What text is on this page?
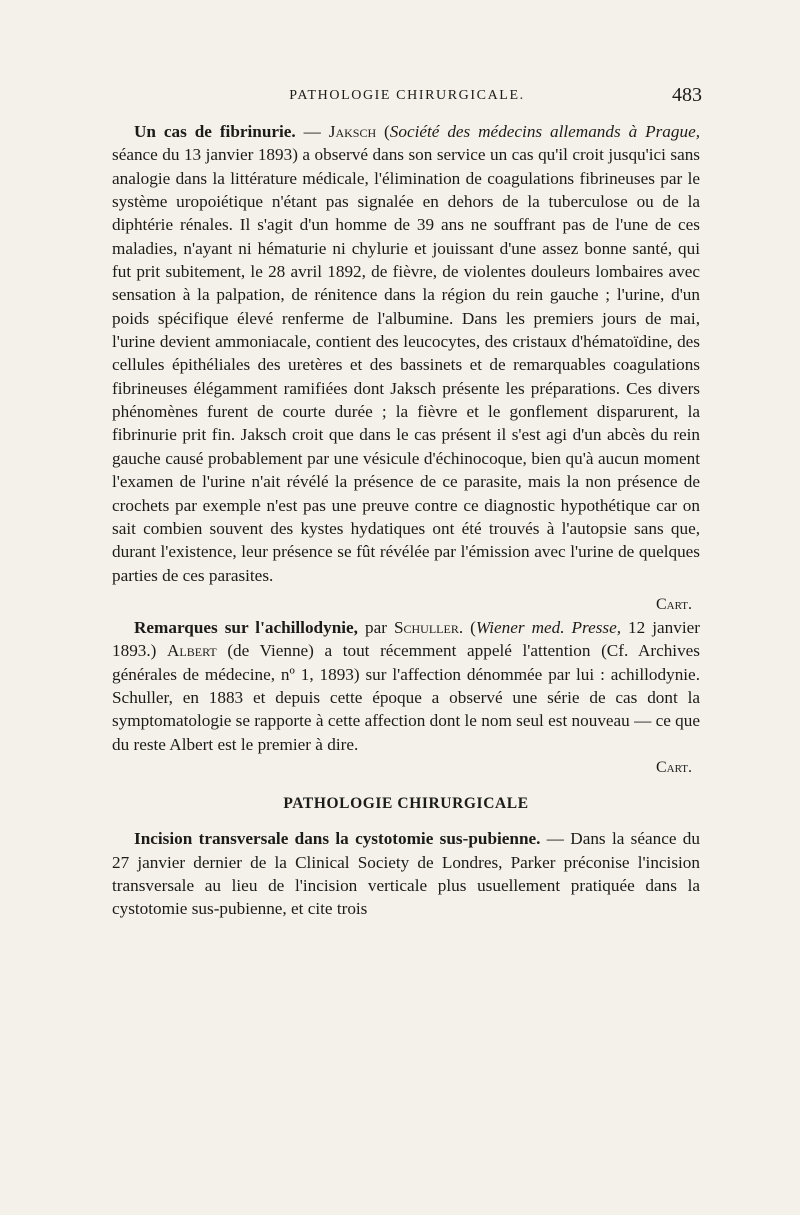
PATHOLOGIE CHIRURGICALE.	483

Un cas de fibrinurie. — Jaksch (Société des médecins allemands à Prague, séance du 13 janvier 1893) a observé dans son service un cas qu'il croit jusqu'ici sans analogie dans la littérature médicale, l'élimination de coagulations fibrineuses par le système uropoiétique n'étant pas signalée en dehors de la tuberculose ou de la diphtérie rénales. Il s'agit d'un homme de 39 ans ne souffrant pas de l'une de ces maladies, n'ayant ni hématurie ni chylurie et jouissant d'une assez bonne santé, qui fut prit subitement, le 28 avril 1892, de fièvre, de violentes douleurs lombaires avec sensation à la palpation, de rénitence dans la région du rein gauche ; l'urine, d'un poids spécifique élevé renferme de l'albumine. Dans les premiers jours de mai, l'urine devient ammoniacale, contient des leucocytes, des cristaux d'hématoïdine, des cellules épithéliales des uretères et des bassinets et de remarquables coagulations fibrineuses élégamment ramifiées dont Jaksch présente les préparations. Ces divers phénomènes furent de courte durée ; la fièvre et le gonflement disparurent, la fibrinurie prit fin. Jaksch croit que dans le cas présent il s'est agi d'un abcès du rein gauche causé probablement par une vésicule d'échinocoque, bien qu'à aucun moment l'examen de l'urine n'ait révélé la présence de ce parasite, mais la non présence de crochets par exemple n'est pas une preuve contre ce diagnostic hypothétique car on sait combien souvent des kystes hydatiques ont été trouvés à l'autopsie sans que, durant l'existence, leur présence se fût révélée par l'émission avec l'urine de quelques parties de ces parasites.

Cart.

Remarques sur l'achillodynie, par Schuller. (Wiener med. Presse, 12 janvier 1893.) Albert (de Vienne) a tout récemment appelé l'attention (Cf. Archives générales de médecine, nº 1, 1893) sur l'affection dénommée par lui : achillodynie. Schuller, en 1883 et depuis cette époque a observé une série de cas dont la symptomatologie se rapporte à cette affection dont le nom seul est nouveau — ce que du reste Albert est le premier à dire.

Cart.

PATHOLOGIE CHIRURGICALE

Incision transversale dans la cystotomie sus-pubienne. — Dans la séance du 27 janvier dernier de la Clinical Society de Londres, Parker préconise l'incision transversale au lieu de l'incision verticale plus usuellement pratiquée dans la cystotomie sus-pubienne, et cite trois
